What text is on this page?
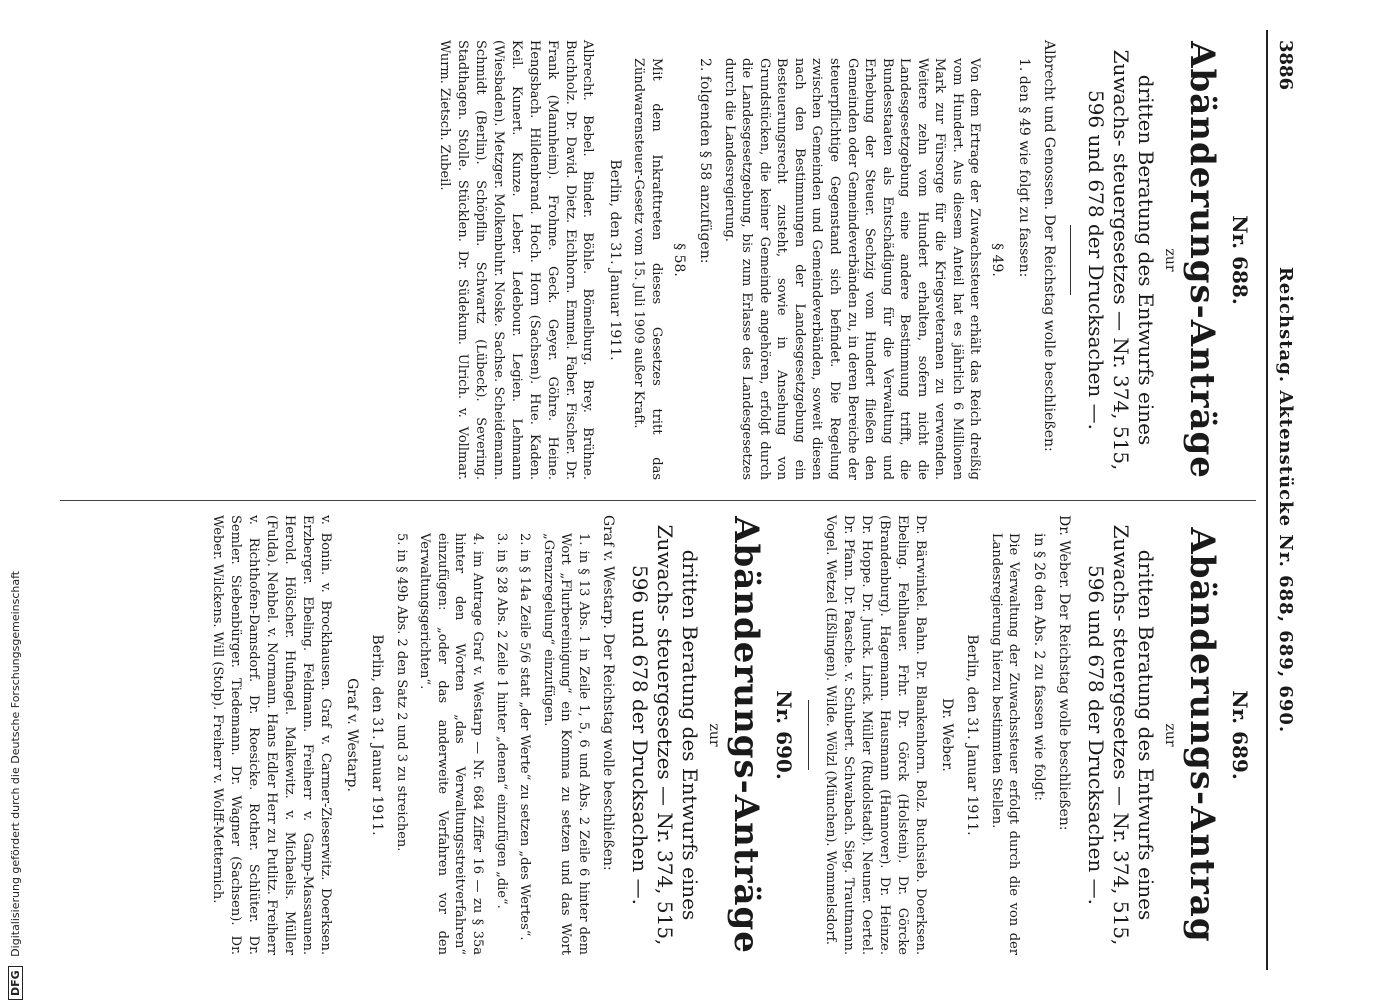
3886
Reichstag. Aktenstücke Nr. 688, 689, 690.
Nr. 688.
Abänderungs-Anträge
zur
dritten Beratung des Entwurfs eines Zuwachs- steuergesetzes — Nr. 374, 515, 596 und 678 der Drucksachen —.
Albrecht und Genossen. Der Reichstag wolle beschließen:
1. den § 49 wie folgt zu fassen:
§ 49.
Von dem Ertrage der Zuwachssteuer erhält das Reich dreißig vom Hundert. Aus diesem Anteil hat es jährlich 6 Millionen Mark zur Fürsorge für die Kriegsveteranen zu verwenden. Weitere zehn vom Hundert erhalten, sofern nicht die Landesgesetzgebung eine andere Bestimmung trifft, die Bundesstaaten als Entschädigung für die Verwaltung und Erhebung der Steuer. Sechzig vom Hundert fließen den Gemeinden oder Gemeindeverbänden zu, in deren Bereiche der steuerpflichtige Gegenstand sich befindet. Die Regelung zwischen Gemeinden und Gemeindeverbänden, soweit diesen nach den Bestimmungen der Landesgesetzgebung ein Besteuerungsrecht zusteht, sowie in Ansehung von Grundstücken, die keiner Gemeinde angehören, erfolgt durch die Landesgesetzgebung, bis zum Erlasse des Landesgesetzes durch die Landesregierung.
2. folgenden § 58 anzufügen:
§ 58.
Mit dem Inkrafttreten dieses Gesetzes tritt das Zündwarensteuer-Gesetz vom 15. Juli 1909 außer Kraft.
Berlin, den 31. Januar 1911.
Albrecht. Bebel. Binder. Böhle. Bömelburg. Brey. Brühne. Buchholz. Dr. David. Dietz. Eichhorn. Emmel. Faber. Fischer. Dr. Frank (Mannheim). Frohme. Geck. Geyer. Göhre. Heine. Hengsbach. Hildenbrand. Hoch. Horn (Sachsen). Hue. Kaden. Keil. Kunert. Kunze. Leber. Ledebour. Legien. Lehmann (Wiesbaden). Metzger. Molkenbuhr. Noske. Sachse. Scheidemann. Schmidt (Berlin). Schöpflin. Schwartz (Lübeck). Severing. Stadthagen. Stolle. Stücklen. Dr. Südekum. Ulrich. v. Vollmar. Wurm. Zietsch. Zubeil.
Nr. 689.
Abänderungs-Antrag
zur
dritten Beratung des Entwurfs eines Zuwachs- steuergesetzes — Nr. 374, 515, 596 und 678 der Drucksachen —.
Dr. Weber. Der Reichstag wolle beschließen:
in § 26 den Abs. 2 zu fassen wie folgt:
Die Verwaltung der Zuwachssteuer erfolgt durch die von der Landesregierung hierzu bestimmten Stellen.
Berlin, den 31. Januar 1911.
Dr. Weber.
Dr. Bärwinkel. Bahn. Dr. Blankenhorn. Bolz. Buchsieb. Doerksen. Ebeling. Fehlhauer. Frhr. Dr. Görck (Holstein). Dr. Görcke (Brandenburg). Hagemann. Hausmann (Hannover). Dr. Heinze. Dr. Hoppe. Dr. Junck. Linck. Müller (Rudolstadt). Neuner. Oertel. Dr. Pfann. Dr. Paasche. v. Schubert. Schwabach. Sieg. Trautmann. Vogel. Wetzel (Eßlingen). Wilde. Wölzl (München). Wommelsdorf.
Nr. 690.
Abänderungs-Anträge
zur
dritten Beratung des Entwurfs eines Zuwachs- steuergesetzes — Nr. 374, 515, 596 und 678 der Drucksachen —.
Graf v. Westarp. Der Reichstag wolle beschließen:
1. in § 13 Abs. 1 in Zeile 1, 5, 6 und Abs. 2 Zeile 6 hinter dem Wort „Flurbereinigung“ ein Komma zu setzen und das Wort „Grenzregelung“ einzufügen.
2. in § 14a Zeile 5/6 statt „der Werte“ zu setzen „des Wertes“.
3. in § 28 Abs. 2 Zeile 1 hinter „denen“ einzufügen „die“.
4. im Antrage Graf v. Westarp — Nr. 684 Ziffer 16 — zu § 35a hinter den Worten „das Verwaltungsstreitverfahren“ einzufügen: „oder das anderweite Verfahren vor den Verwaltungsgerichten“.
5. in § 49b Abs. 2 den Satz 2 und 3 zu streichen.
Berlin, den 31. Januar 1911.
Graf v. Westarp.
v. Bonin. v. Brockhausen. Graf v. Carmer-Zieserwitz. Doerksen. Erzberger. Ebeling. Feldmann. Freiherr v. Gamp-Massaunen. Herold. Hölscher. Hufnagel. Malkewitz. v. Michaelis. Müller (Fulda). Nehbel. v. Normann. Hans Edler Herr zu Putlitz. Freiherr v. Richthofen-Damsdorf. Dr. Roesicke. Rother. Schlüter. Dr. Semler. Siebenbürger. Tiedemann. Dr. Wagner (Sachsen). Dr. Weber. Wilckens. Will (Stolp). Freiherr v. Wolff-Metternich.
DFG Digitalisierung gefördert durch die Deutsche Forschungsgemeinschaft
